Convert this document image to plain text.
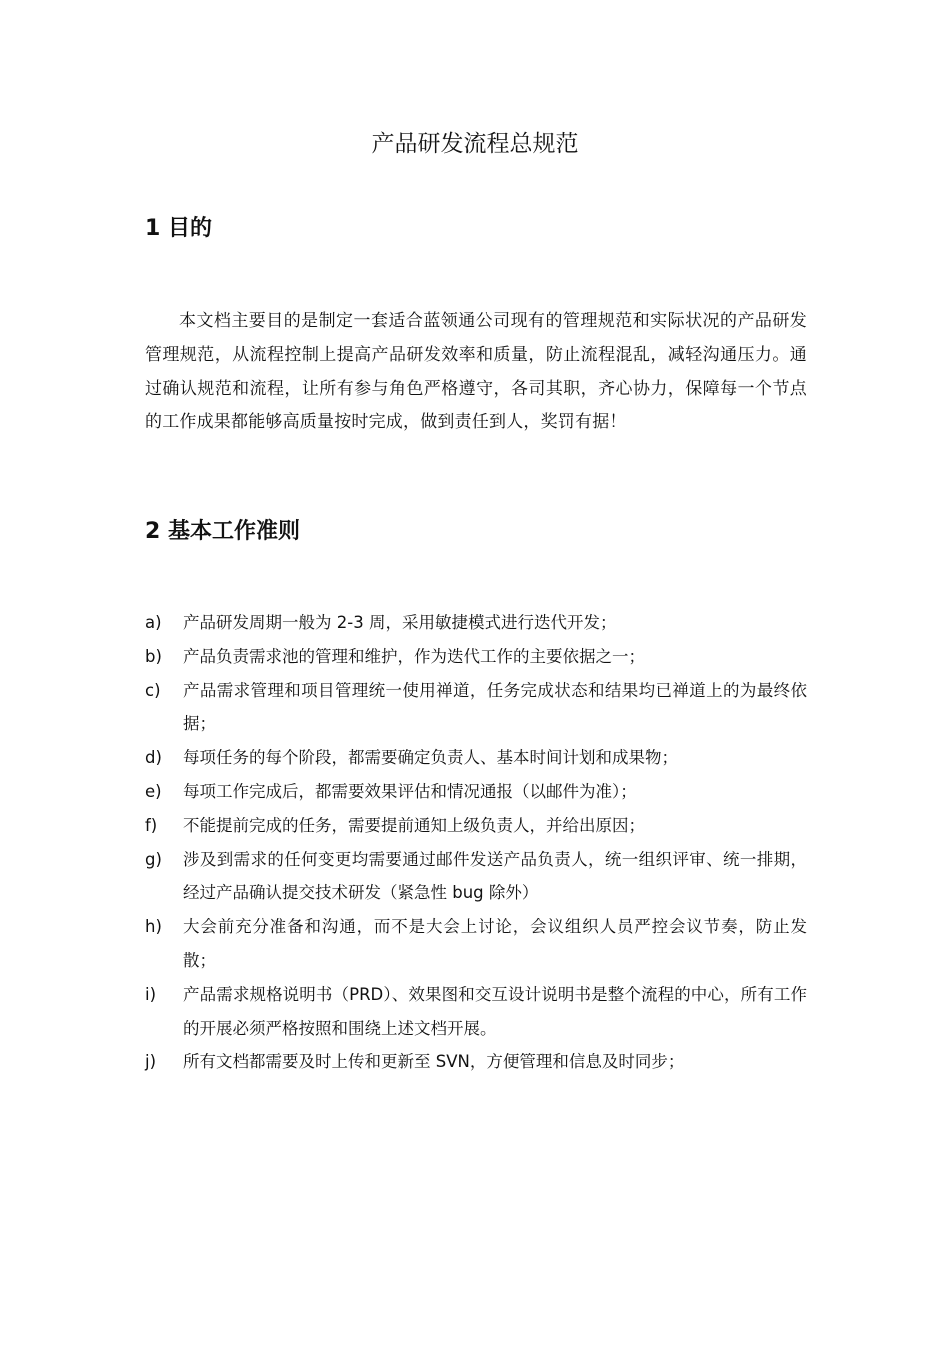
产品研发流程总规范
1 目的

本文档主要目的是制定一套适合蓝领通公司现有的管理规范和实际状况的产品研发管理规范，从流程控制上提高产品研发效率和质量，防止流程混乱，减轻沟通压力。通过确认规范和流程，让所有参与角色严格遵守，各司其职，齐心协力，保障每一个节点的工作成果都能够高质量按时完成，做到责任到人，奖罚有据！

2 基本工作准则
a)	产品研发周期一般为 2-3 周，采用敏捷模式进行迭代开发；
b)	产品负责需求池的管理和维护，作为迭代工作的主要依据之一；
c)	产品需求管理和项目管理统一使用禅道，任务完成状态和结果均已禅道上的为最终依据；
d)	每项任务的每个阶段，都需要确定负责人、基本时间计划和成果物；
e)	每项工作完成后，都需要效果评估和情况通报（以邮件为准）；
f)	不能提前完成的任务，需要提前通知上级负责人，并给出原因；
g)	涉及到需求的任何变更均需要通过邮件发送产品负责人，统一组织评审、统一排期，经过产品确认提交技术研发（紧急性 bug 除外）
h)	大会前充分准备和沟通，而不是大会上讨论，会议组织人员严控会议节奏，防止发散；
i)	产品需求规格说明书（PRD）、效果图和交互设计说明书是整个流程的中心，所有工作的开展必须严格按照和围绕上述文档开展。
j)	所有文档都需要及时上传和更新至 SVN，方便管理和信息及时同步；
